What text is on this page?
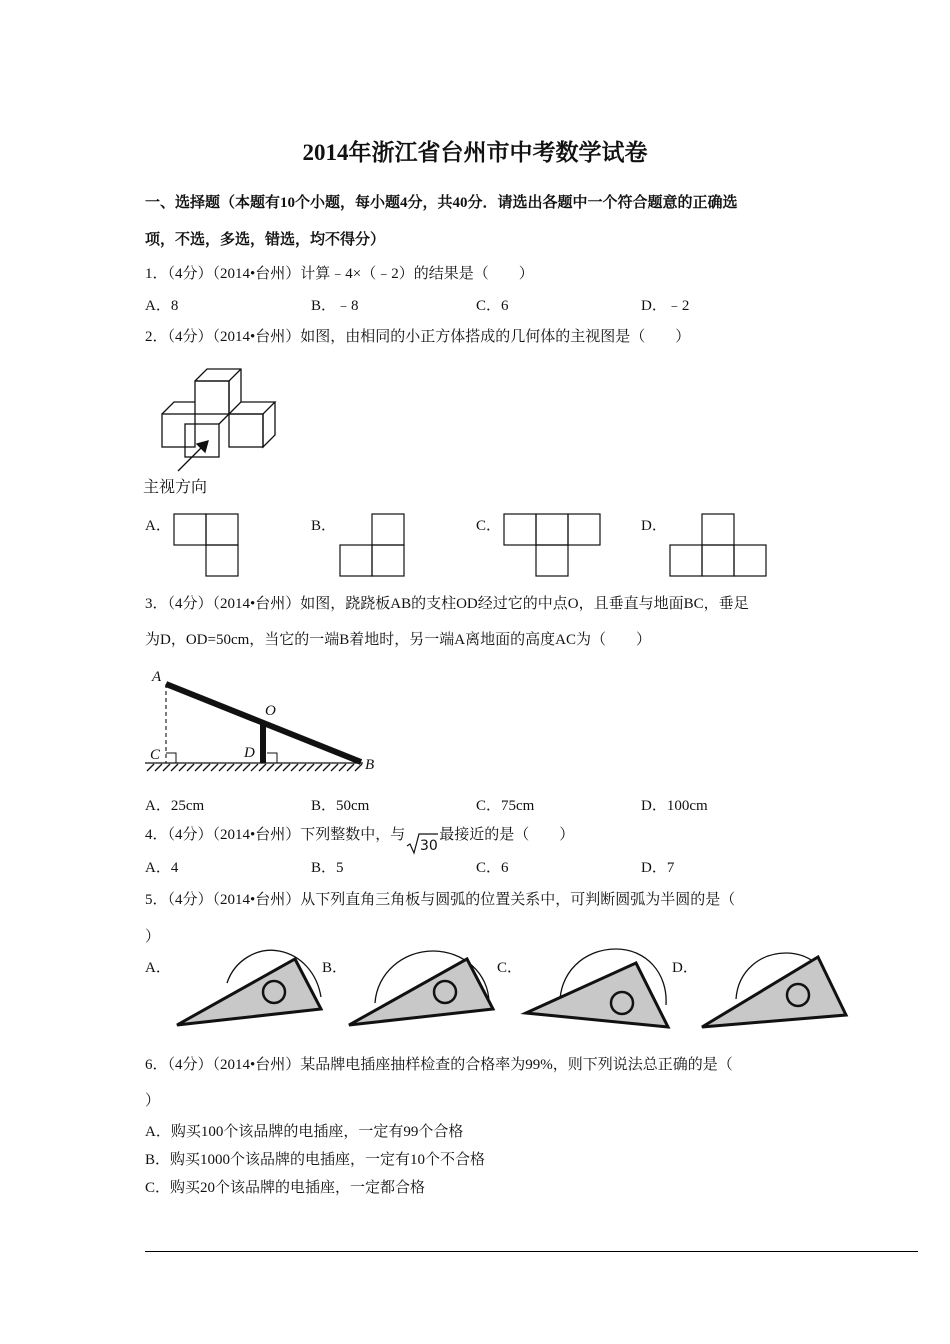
2014年浙江省台州市中考数学试卷
一、选择题（本题有10个小题，每小题4分，共40分．请选出各题中一个符合题意的正确选
项，不选，多选，错选，均不得分）
1．（4分）（2014•台州）计算﹣4×（﹣2）的结果是（　　）
A．8	B．﹣8	C．6	D．﹣2
2．（4分）（2014•台州）如图，由相同的小正方体搭成的几何体的主视图是（　　）
主视方向
A．	B．	C．	D．
3．（4分）（2014•台州）如图，跷跷板AB的支柱OD经过它的中点O，且垂直与地面BC，垂足
为D，OD=50cm，当它的一端B着地时，另一端A离地面的高度AC为（　　）
A
O
C	D
B
A．25cm	B．50cm	C．75cm	D．100cm
4．（4分）（2014•台州）下列整数中，与
30
最接近的是（　　）
A．4	B．5	C．6	D．7
5．（4分）（2014•台州）从下列直角三角板与圆弧的位置关系中，可判断圆弧为半圆的是（
）
A．	B．	C．	D．
6．（4分）（2014•台州）某品牌电插座抽样检查的合格率为99%，则下列说法总正确的是（
）
A．购买100个该品牌的电插座，一定有99个合格
B．购买1000个该品牌的电插座，一定有10个不合格
C．购买20个该品牌的电插座，一定都合格
